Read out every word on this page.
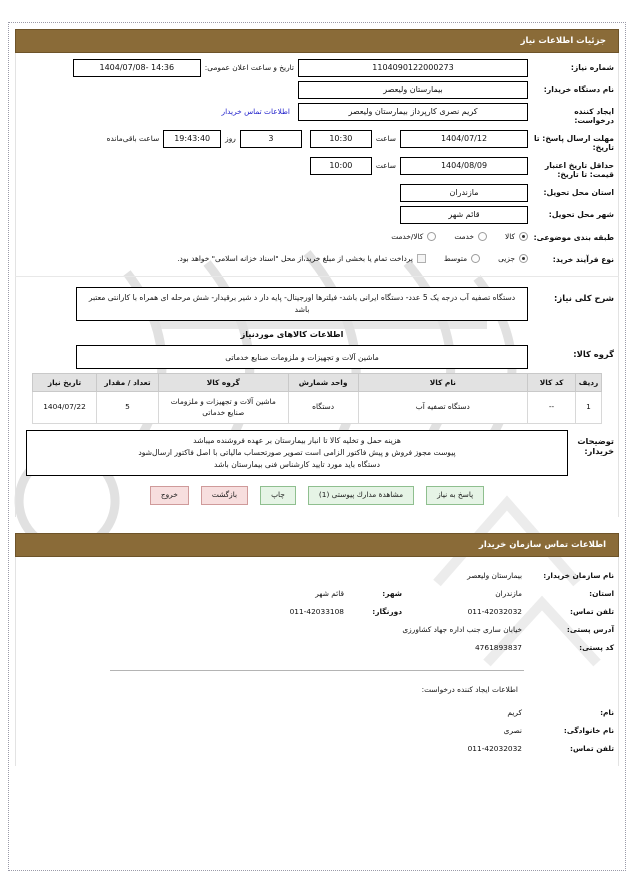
جزئیات اطلاعات نیاز
شماره نیاز:
1104090122000273
تاریخ و ساعت اعلان عمومی:
14:36 -1404/07/08
نام دستگاه خریدار:
بیمارستان ولیعصر
ایجاد کننده درخواست:
کریم نصری کارپرداز بیمارستان ولیعصر
اطلاعات تماس خریدار
مهلت ارسال پاسخ: تا تاریخ:
1404/07/12
ساعت
10:30
3
روز
19:43:40
ساعت باقی‌مانده
حداقل تاریخ اعتبار قیمت: تا تاریخ:
1404/08/09
ساعت
10:00
استان محل تحویل:
مازندران
شهر محل تحویل:
قائم شهر
طبقه بندی موضوعی:
کالا
خدمت
کالا/خدمت
نوع فرآیند خرید:
جزیی
متوسط
پرداخت تمام یا بخشی از مبلغ خرید،از محل "اسناد خزانه اسلامی" خواهد بود.
شرح کلی نیاز:
دستگاه تصفیه آب درجه یک 5 عدد- دستگاه ایرانی باشد- فیلترها اورجینال- پایه دار د شیر برقیدار- شش مرحله ای همراه با کارانتی معتبر باشد
اطلاعات کالاهای موردنیاز
گروه کالا:
ماشین آلات و تجهیزات و ملزومات صنایع خدماتی
ردیف	کد کالا	نام کالا	واحد شمارش	گروه کالا	تعداد / مقدار	تاریخ نیاز
1	--	دستگاه تصفیه آب	دستگاه	ماشین آلات و تجهیزات و ملزومات صنایع خدماتی	5	1404/07/22
توضیحات خریدار:
هزینه حمل و تخلیه کالا تا انبار بیمارستان بر عهده فروشنده میباشد
پیوست مجوز فروش و پیش فاکتور الزامی است تصویر صورتحساب مالیاتی با اصل فاکتور ارسال‌شود
دستگاه باید مورد تایید کارشناس فنی بیمارستان باشد
خروج	بازگشت	چاپ	مشاهدة مدارك پیوستی (1)	پاسخ به نیاز
اطلاعات تماس سازمان خریدار
نام سازمان خریدار:
بیمارستان ولیعصر
استان:
مازندران
شهر:
قائم شهر
تلفن تماس:
011-42032032
دورنگار:
011-42033108
آدرس پستی:
خیابان ساری جنب اداره جهاد کشاورزی
کد پستی:
4761893837
اطلاعات ایجاد کننده درخواست:
نام:
کریم
نام خانوادگی:
نصری
تلفن تماس:
011-42032032
